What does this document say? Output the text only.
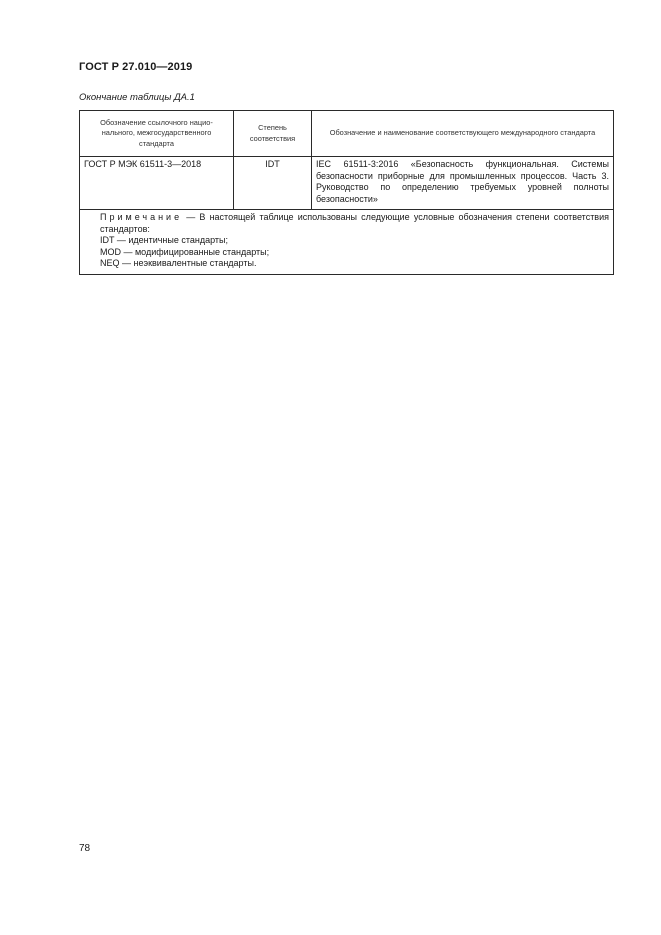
ГОСТ Р 27.010—2019
Окончание таблицы ДА.1
Обозначение ссылочного нацио-нального, межгосударственного стандарта	Степень соответствия	Обозначение и наименование соответствующего международного стандарта
ГОСТ Р МЭК 61511-3—2018	IDT	IEC 61511-3:2016 «Безопасность функциональная. Системы безопасности приборные для промышленных процессов. Часть 3. Руководство по определению требуемых уровней полноты безопасности»

Примечание — В настоящей таблице использованы следующие условные обозначения степени соответствия стандартов:
IDT — идентичные стандарты;
MOD — модифицированные стандарты;
NEQ — неэквивалентные стандарты.		
78
